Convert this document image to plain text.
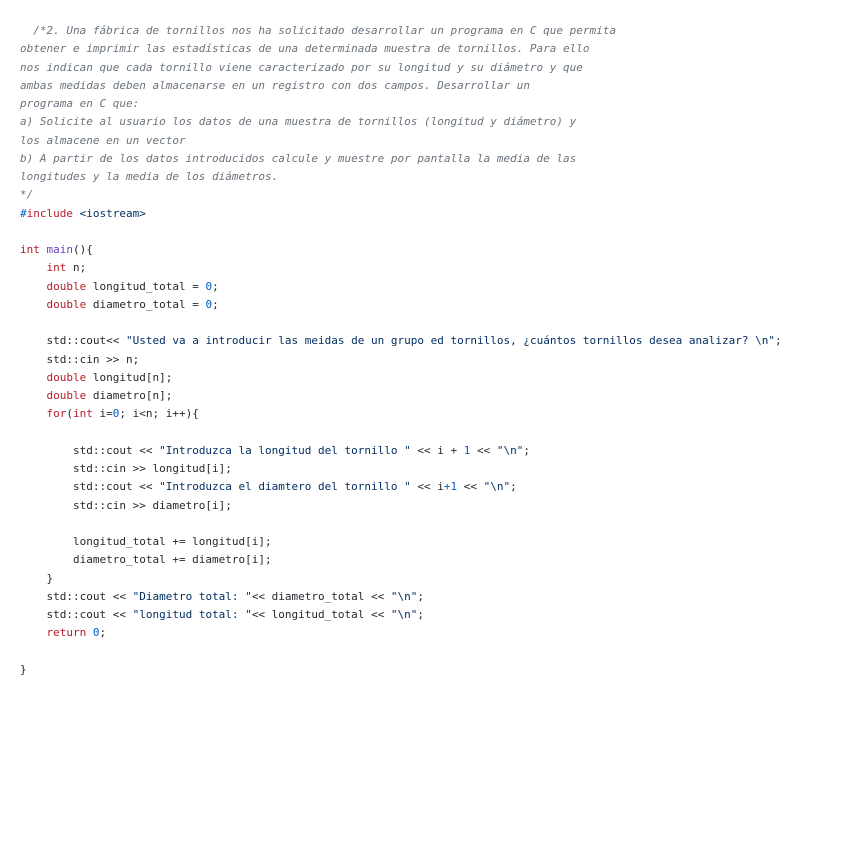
/*2. Una fábrica de tornillos nos ha solicitado desarrollar un programa en C que permita
obtener e imprimir las estadísticas de una determinada muestra de tornillos. Para ello
nos indican que cada tornillo viene caracterizado por su longitud y su diámetro y que
ambas medidas deben almacenarse en un registro con dos campos. Desarrollar un
programa en C que:
a) Solicite al usuario los datos de una muestra de tornillos (longitud y diámetro) y
los almacene en un vector
b) A partir de los datos introducidos calcule y muestre por pantalla la media de las
longitudes y la media de los diámetros.
*/
#include <iostream>
int main(){
int n;
double longitud_total = 0;
double diametro_total = 0;
std::cout<< "Usted va a introducir las meidas de un grupo ed tornillos, ¿cuántos tornillos desea analizar? \n";
std::cin >> n;
double longitud[n];
double diametro[n];
for(int i=0; i<n; i++){
std::cout << "Introduzca la longitud del tornillo " << i + 1 << "\n";
std::cin >> longitud[i];
std::cout << "Introduzca el diamtero del tornillo " << i+1 << "\n";
std::cin >> diametro[i];
longitud_total += longitud[i];
diametro_total += diametro[i];
}
std::cout << "Diametro total: "<< diametro_total << "\n";
std::cout << "longitud total: "<< longitud_total << "\n";
return 0;
}
